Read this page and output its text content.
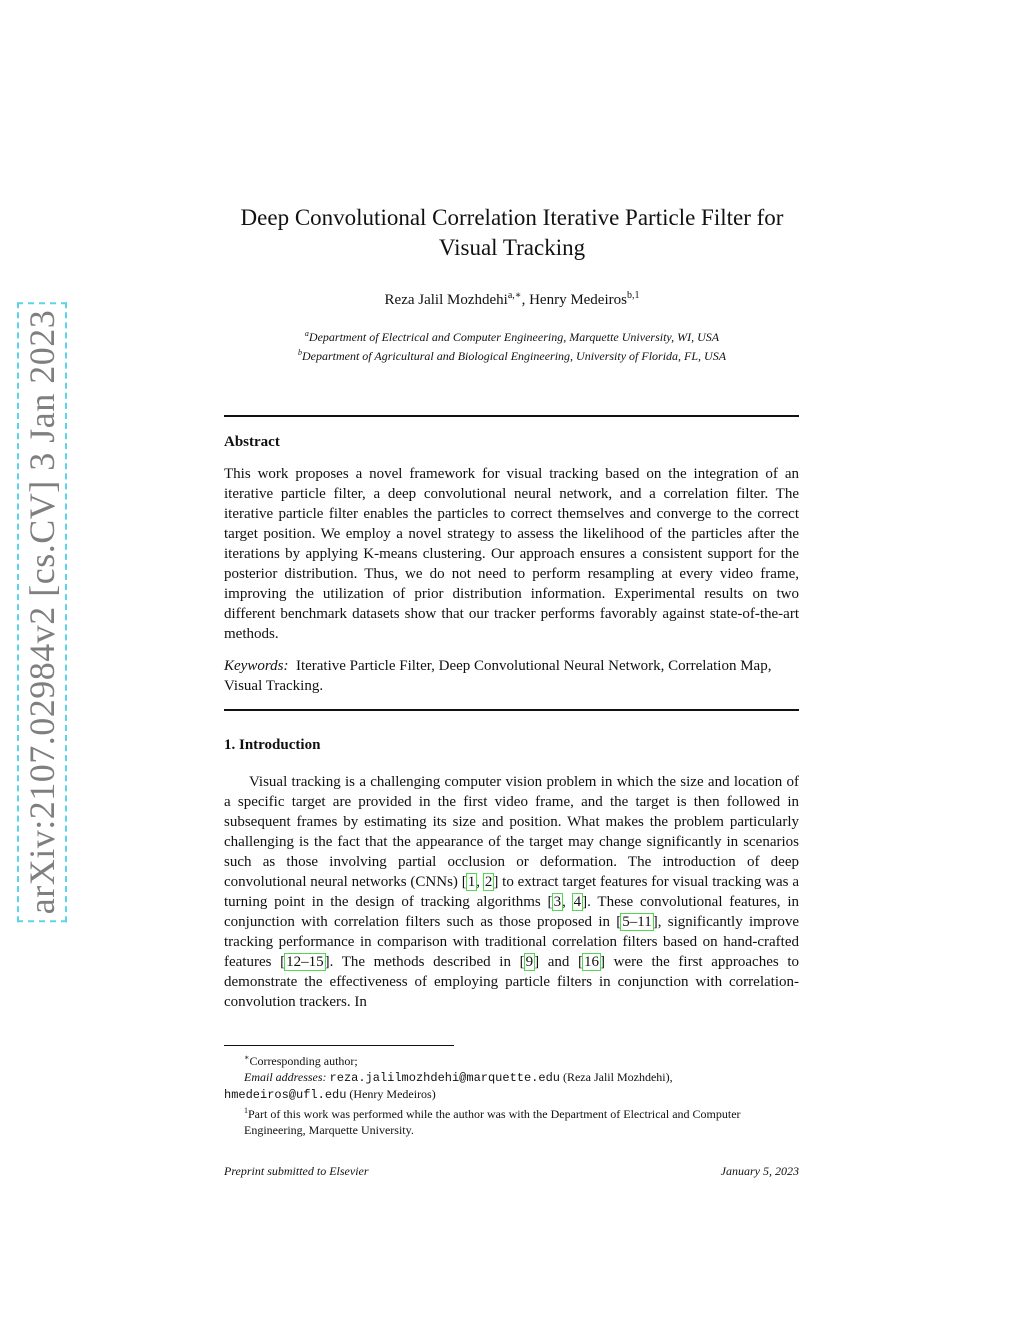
arXiv:2107.02984v2 [cs.CV] 3 Jan 2023
Deep Convolutional Correlation Iterative Particle Filter for
Visual Tracking
Reza Jalil Mozhdehi$^{a,∗}$, Henry Medeiros$^{b,1}$
$^a$Department of Electrical and Computer Engineering, Marquette University, WI, USA
$^b$Department of Agricultural and Biological Engineering, University of Florida, FL, USA
Abstract
This work proposes a novel framework for visual tracking based on the integration of an iterative particle filter, a deep convolutional neural network, and a correlation filter. The iterative particle filter enables the particles to correct themselves and converge to the correct target position. We employ a novel strategy to assess the likelihood of the particles after the iterations by applying K-means clustering. Our approach ensures a consistent support for the posterior distribution. Thus, we do not need to perform resampling at every video frame, improving the utilization of prior distribution information. Experimental results on two different benchmark datasets show that our tracker performs favorably against state-of-the-art methods.
Keywords: Iterative Particle Filter, Deep Convolutional Neural Network, Correlation Map, Visual Tracking.
1. Introduction
Visual tracking is a challenging computer vision problem in which the size and location of a specific target are provided in the first video frame, and the target is then followed in subsequent frames by estimating its size and position. What makes the problem particularly challenging is the fact that the appearance of the target may change significantly in scenarios such as those involving partial occlusion or deformation. The introduction of deep convolutional neural networks (CNNs) [1, 2] to extract target features for visual tracking was a turning point in the design of tracking algorithms [3, 4]. These convolutional features, in conjunction with correlation filters such as those proposed in [5–11], significantly improve tracking performance in comparison with traditional correlation filters based on hand-crafted features [12–15]. The methods described in [9] and [16] were the first approaches to demonstrate the effectiveness of employing particle filters in conjunction with correlation-convolution trackers. In

∗Corresponding author;

Email addresses: reza.jalilmozhdehi@marquette.edu (Reza Jalil Mozhdehi),

hmedeiros@ufl.edu (Henry Medeiros)

$^1$Part of this work was performed while the author was with the Department of Electrical and Computer Engineering, Marquette University.

Preprint submitted to Elsevier	January 5, 2023
